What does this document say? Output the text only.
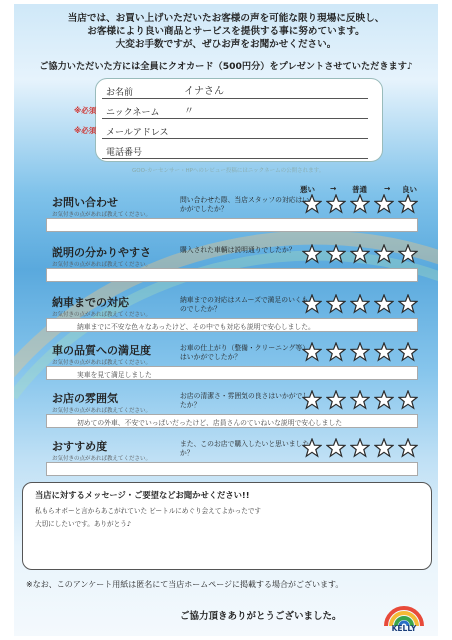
当店では、お買い上げいただいたお客様の声を可能な限り現場に反映し、
お客様により良い商品とサービスを提供する事に努めています。
大変お手数ですが、ぜひお声をお聞かせください。
ご協力いただいた方には全員にクオカード（500円分）をプレゼントさせていただきます♪
お名前	イナさん
※必須 ニックネーム 〃
※必須 メールアドレス
電話番号
GOO-カーセンサー・HPへのレビュー投稿にはニックネームの公開されます。
悪い → 普通 → 良い
お問い合わせ
お気付きの点があれば教えてください。
問い合わせた際、当店スタッフの対応はいかがでしたか？
説明の分かりやすさ
お気付きの点があれば教えてください。
購入された車輌は説明通りでしたか？
納車までの対応
お気付きの点があれば教えてください。
納車までの対応はスムーズで満足のいくものでしたか？
納車までに不安な色々なあったけど、その中でも対応も説明で安心しました。
車の品質への満足度
お気付きの点があれば教えてください。
お車の仕上がり（整備・クリーニング等）はいかがでしたか？
実車を見て満足しました
お店の雰囲気
お気付きの点があれば教えてください。
お店の清潔さ・雰囲気の良さはいかがでしたか？
初めての外車、不安でいっぱいだったけど、店員さんのていねいな説明で安心しました
おすすめ度
お気付きの点があれば教えてください。
また、このお店で購入したいと思いましたか？
当店に対するメッセージ・ご要望などお聞かせください!!
私もらオボーと言からあこがれていた ビートルにめぐり会えてよかったです
大切にしたいです。ありがとう♪
※なお、このアンケート用紙は匿名にて当店ホームページに掲載する場合がございます。
ご協力頂きありがとうございました。
KELLY
